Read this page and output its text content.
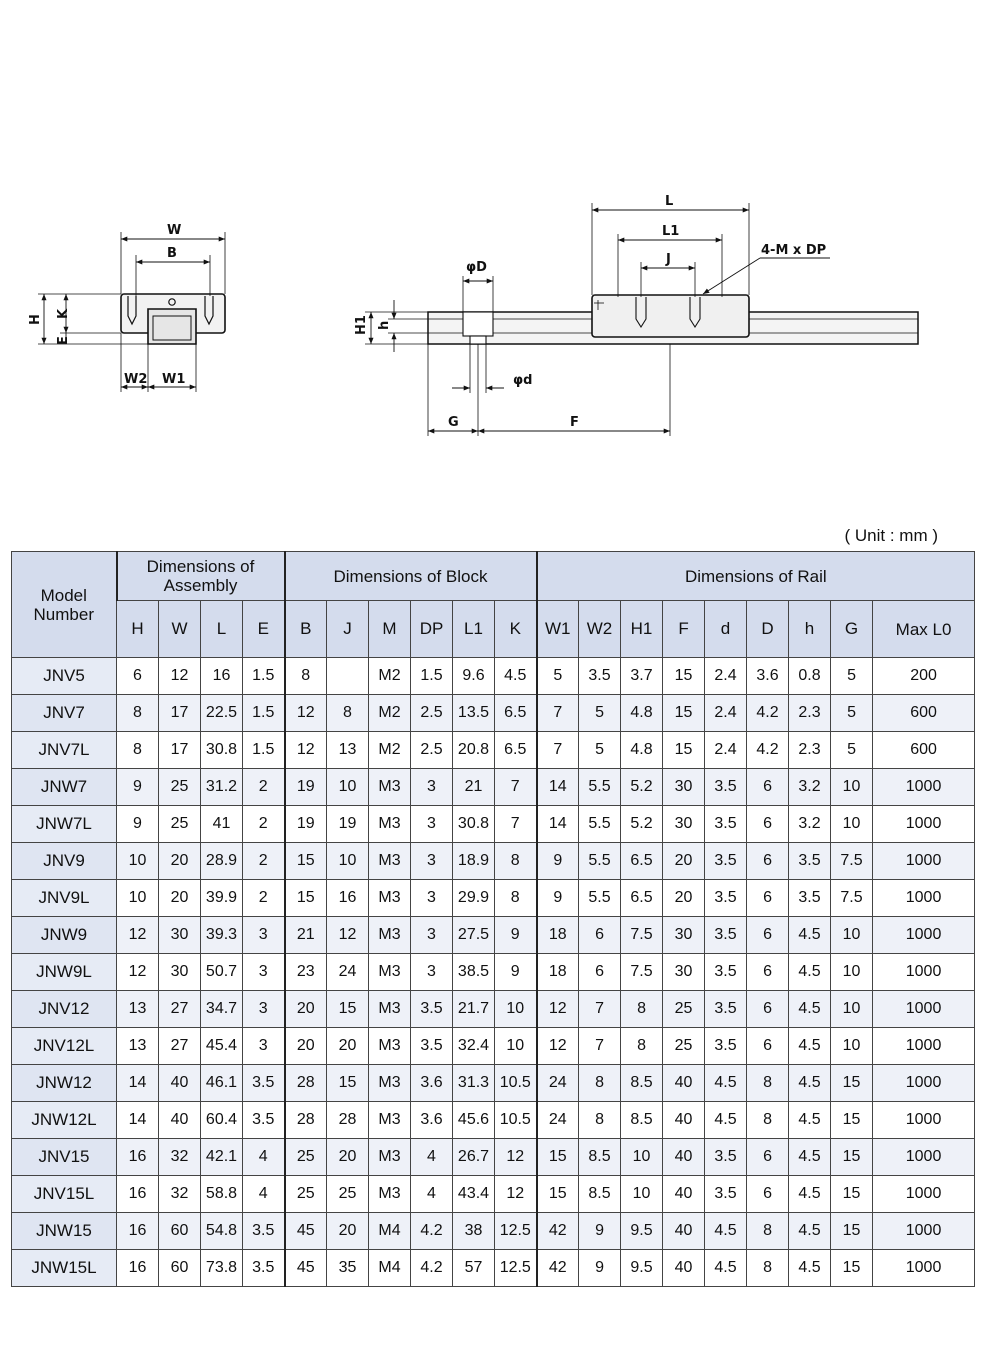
W
B
H
K
E
W2 W1
L
L1
J
4-M x DP
φD
φd
H1 h
G	F
( Unit : mm )
Model Number	Dimensions of Assembly				Dimensions of Block						Dimensions of Rail								
	H	W	L	E	B	J	M	DP	L1	K	W1	W2	H1	F	d	D	h	G	Max L0
JNV5	6	12	16	1.5	8		M2	1.5	9.6	4.5	5	3.5	3.7	15	2.4	3.6	0.8	5	200
JNV7	8	17	22.5	1.5	12	8	M2	2.5	13.5	6.5	7	5	4.8	15	2.4	4.2	2.3	5	600
JNV7L	8	17	30.8	1.5	12	13	M2	2.5	20.8	6.5	7	5	4.8	15	2.4	4.2	2.3	5	600
JNW7	9	25	31.2	2	19	10	M3	3	21	7	14	5.5	5.2	30	3.5	6	3.2	10	1000
JNW7L	9	25	41	2	19	19	M3	3	30.8	7	14	5.5	5.2	30	3.5	6	3.2	10	1000
JNV9	10	20	28.9	2	15	10	M3	3	18.9	8	9	5.5	6.5	20	3.5	6	3.5	7.5	1000
JNV9L	10	20	39.9	2	15	16	M3	3	29.9	8	9	5.5	6.5	20	3.5	6	3.5	7.5	1000
JNW9	12	30	39.3	3	21	12	M3	3	27.5	9	18	6	7.5	30	3.5	6	4.5	10	1000
JNW9L	12	30	50.7	3	23	24	M3	3	38.5	9	18	6	7.5	30	3.5	6	4.5	10	1000
JNV12	13	27	34.7	3	20	15	M3	3.5	21.7	10	12	7	8	25	3.5	6	4.5	10	1000
JNV12L	13	27	45.4	3	20	20	M3	3.5	32.4	10	12	7	8	25	3.5	6	4.5	10	1000
JNW12	14	40	46.1	3.5	28	15	M3	3.6	31.3	10.5	24	8	8.5	40	4.5	8	4.5	15	1000
JNW12L	14	40	60.4	3.5	28	28	M3	3.6	45.6	10.5	24	8	8.5	40	4.5	8	4.5	15	1000
JNV15	16	32	42.1	4	25	20	M3	4	26.7	12	15	8.5	10	40	3.5	6	4.5	15	1000
JNV15L	16	32	58.8	4	25	25	M3	4	43.4	12	15	8.5	10	40	3.5	6	4.5	15	1000
JNW15	16	60	54.8	3.5	45	20	M4	4.2	38	12.5	42	9	9.5	40	4.5	8	4.5	15	1000
JNW15L	16	60	73.8	3.5	45	35	M4	4.2	57	12.5	42	9	9.5	40	4.5	8	4.5	15	1000
